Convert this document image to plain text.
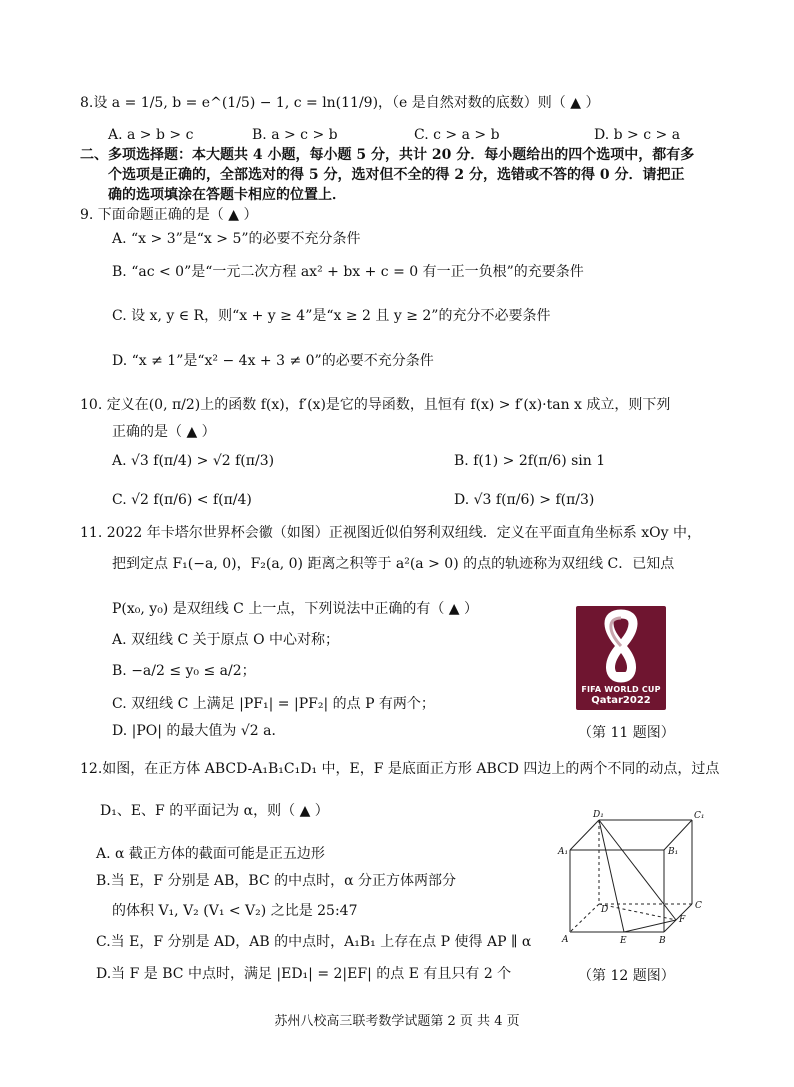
8.设 a = 1/5, b = e^(1/5) − 1, c = ln(11/9)，（e 是自然对数的底数）则（ ▲ ）
A. a > b > c	B. a > c > b	C. c > a > b	D. b > c > a
二、多项选择题：本大题共 4 小题，每小题 5 分，共计 20 分．每小题给出的四个选项中，都有多
个选项是正确的，全部选对的得 5 分，选对但不全的得 2 分，选错或不答的得 0 分．请把正
确的选项填涂在答题卡相应的位置上．
9. 下面命题正确的是（ ▲ ）
A. “x > 3”是“x > 5”的必要不充分条件
B. “ac < 0”是“一元二次方程 ax² + bx + c = 0 有一正一负根”的充要条件
C. 设 x, y ∈ R，则“x + y ≥ 4”是“x ≥ 2 且 y ≥ 2”的充分不必要条件
D. “x ≠ 1”是“x² − 4x + 3 ≠ 0”的必要不充分条件
10. 定义在(0, π/2)上的函数 f(x)，f′(x)是它的导函数，且恒有 f(x) > f′(x)·tan x 成立，则下列
正确的是（ ▲ ）
A. √3 f(π/4) > √2 f(π/3)	B. f(1) > 2f(π/6) sin 1
C. √2 f(π/6) < f(π/4)	D. √3 f(π/6) > f(π/3)
11. 2022 年卡塔尔世界杯会徽（如图）正视图近似伯努利双纽线．定义在平面直角坐标系 xOy 中，
把到定点 F₁(−a, 0)，F₂(a, 0) 距离之积等于 a²(a > 0) 的点的轨迹称为双纽线 C．已知点
P(x₀, y₀) 是双纽线 C 上一点，下列说法中正确的有（ ▲ ）
A. 双纽线 C 关于原点 O 中心对称；
B. −a/2 ≤ y₀ ≤ a/2；
C. 双纽线 C 上满足 |PF₁| = |PF₂| 的点 P 有两个；
D. |PO| 的最大值为 √2 a．
FIFA WORLD CUP
Qatar2022
（第 11 题图）
12.如图，在正方体 ABCD-A₁B₁C₁D₁ 中，E，F 是底面正方形 ABCD 四边上的两个不同的动点，过点
D₁、E、F 的平面记为 α，则（ ▲ ）
A. α 截正方体的截面可能是正五边形
B.当 E，F 分别是 AB，BC 的中点时，α 分正方体两部分
的体积 V₁, V₂ (V₁ < V₂) 之比是 25:47
C.当 E，F 分别是 AD，AB 的中点时，A₁B₁ 上存在点 P 使得 AP ∥ α
D.当 F 是 BC 中点时，满足 |ED₁| = 2|EF| 的点 E 有且只有 2 个
D₁	C₁
A₁	B₁
D	C
A	E	B
F
（第 12 题图）
苏州八校高三联考数学试题第 2 页 共 4 页
